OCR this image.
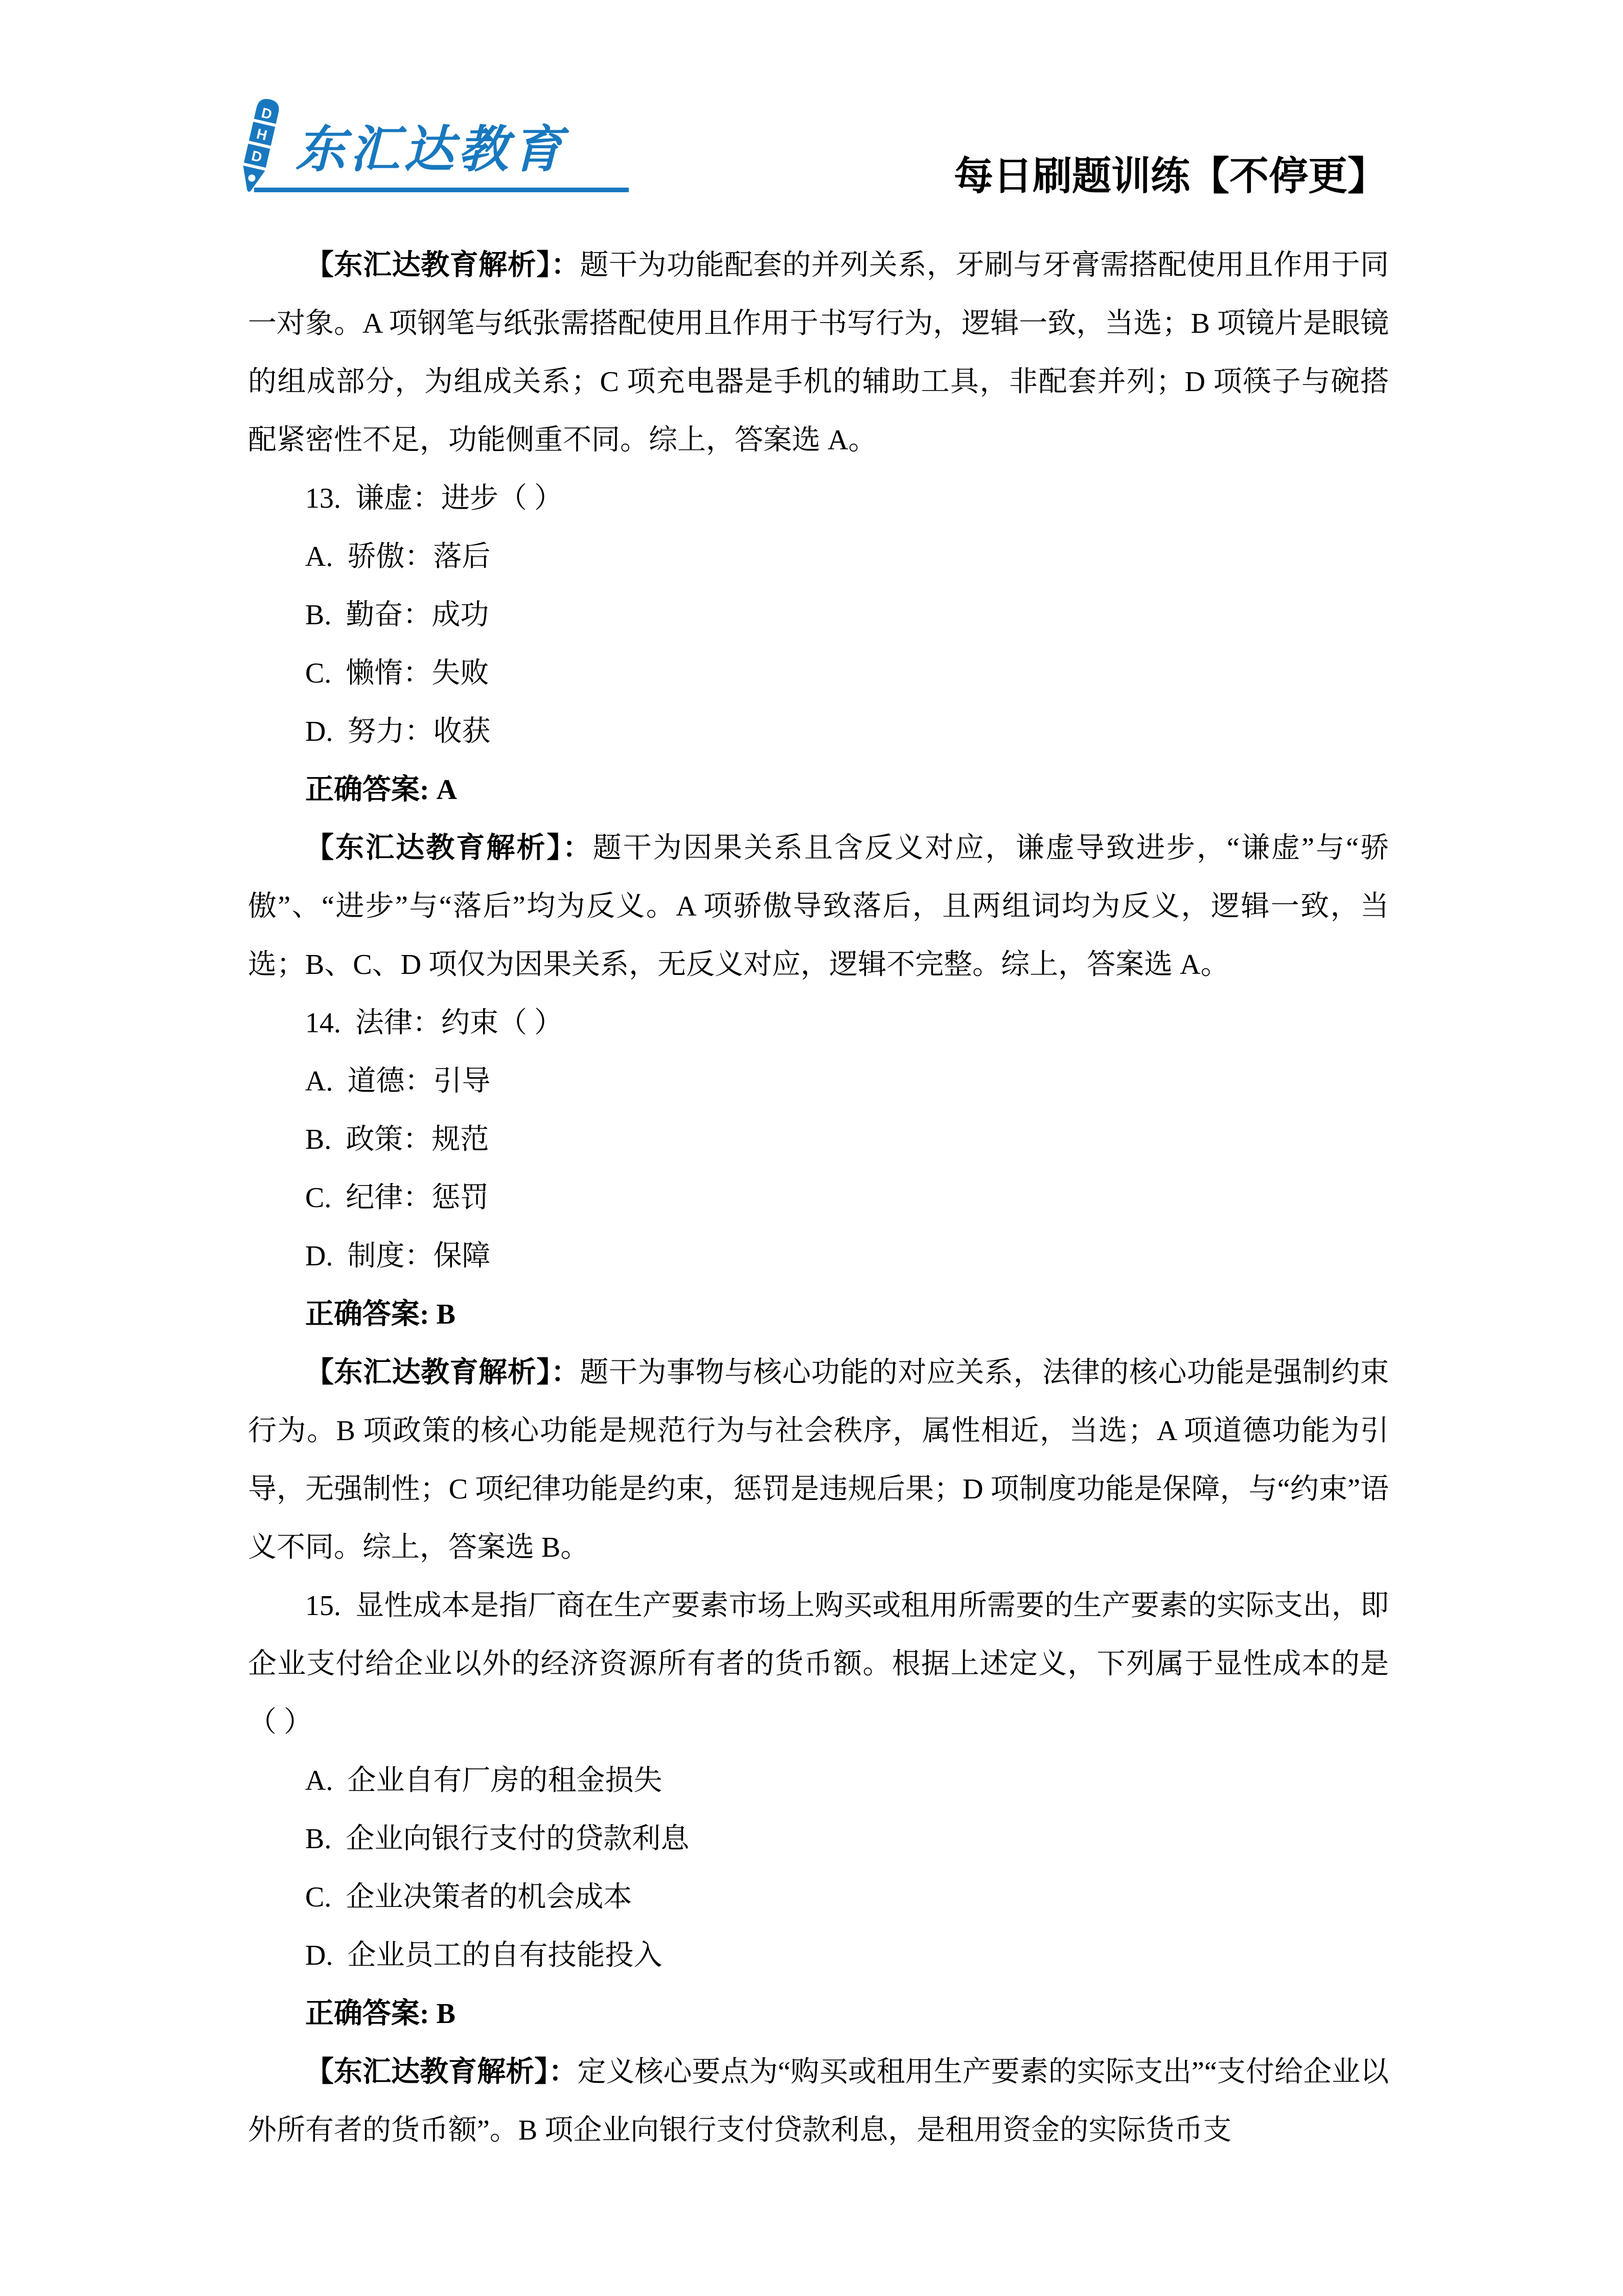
D
H
D 东汇达教育	每日刷题训练【不停更】

【东汇达教育解析】：题干为功能配套的并列关系，牙刷与牙膏需搭配使用且作用于同一对象。A 项钢笔与纸张需搭配使用且作用于书写行为，逻辑一致，当选；B 项镜片是眼镜的组成部分，为组成关系；C 项充电器是手机的辅助工具，非配套并列；D 项筷子与碗搭配紧密性不足，功能侧重不同。综上，答案选 A。

13.  谦虚：进步（ ）

A.  骄傲：落后

B.  勤奋：成功

C.  懒惰：失败

D.  努力：收获

正确答案: A

【东汇达教育解析】：题干为因果关系且含反义对应，谦虚导致进步，“谦虚”与“骄傲”、“进步”与“落后”均为反义。A 项骄傲导致落后，且两组词均为反义，逻辑一致，当选；B、C、D 项仅为因果关系，无反义对应，逻辑不完整。综上，答案选 A。

14.  法律：约束（ ）

A.  道德：引导

B.  政策：规范

C.  纪律：惩罚

D.  制度：保障

正确答案: B

【东汇达教育解析】：题干为事物与核心功能的对应关系，法律的核心功能是强制约束行为。B 项政策的核心功能是规范行为与社会秩序，属性相近，当选；A 项道德功能为引导，无强制性；C 项纪律功能是约束，惩罚是违规后果；D 项制度功能是保障，与“约束”语义不同。综上，答案选 B。

15.  显性成本是指厂商在生产要素市场上购买或租用所需要的生产要素的实际支出，即企业支付给企业以外的经济资源所有者的货币额。根据上述定义，下列属于显性成本的是（ ）

A.  企业自有厂房的租金损失

B.  企业向银行支付的贷款利息

C.  企业决策者的机会成本

D.  企业员工的自有技能投入

正确答案: B

【东汇达教育解析】：定义核心要点为“购买或租用生产要素的实际支出”“支付给企业以外所有者的货币额”。B 项企业向银行支付贷款利息，是租用资金的实际货币支
